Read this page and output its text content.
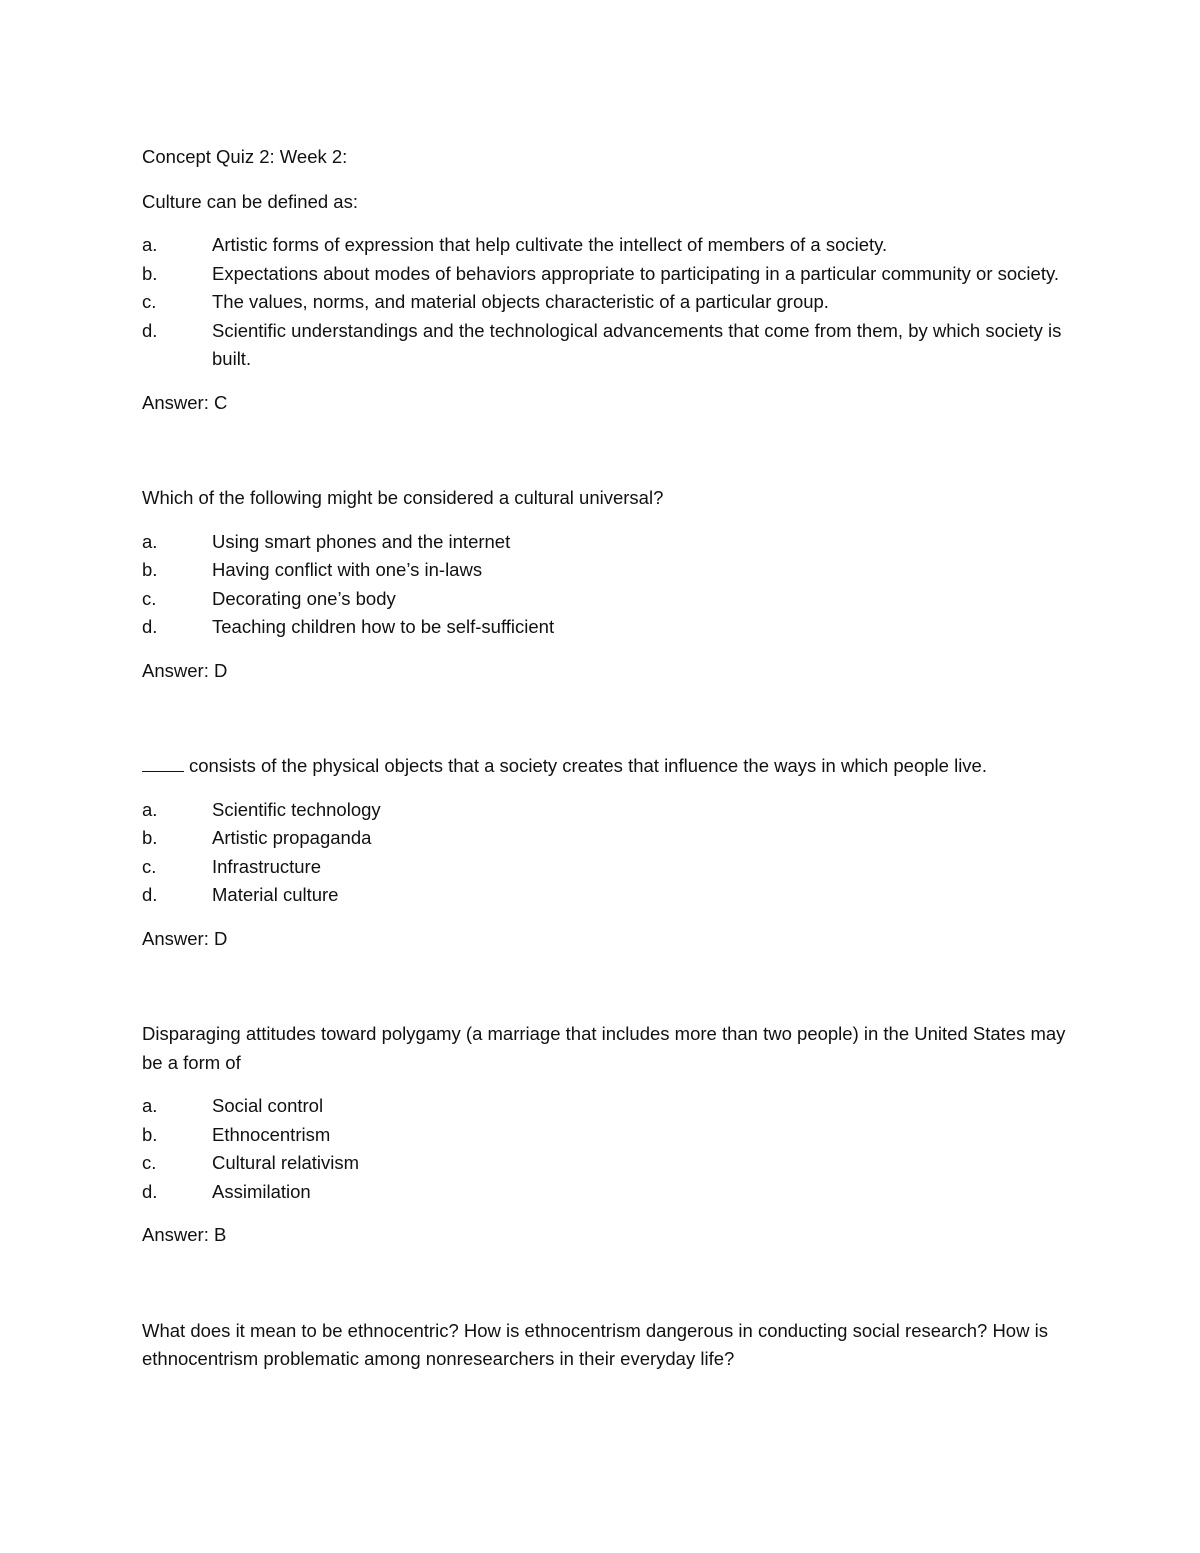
Concept Quiz 2: Week 2:

Culture can be defined as:

a.	Artistic forms of expression that help cultivate the intellect of members of a society.
b.	Expectations about modes of behaviors appropriate to participating in a particular community or society.
c.	The values, norms, and material objects characteristic of a particular group.
d.	Scientific understandings and the technological advancements that come from them, by which society is built.

Answer: C

Which of the following might be considered a cultural universal?

a.	Using smart phones and the internet
b.	Having conflict with one’s in-laws
c.	Decorating one’s body
d.	Teaching children how to be self-sufficient

Answer: D

consists of the physical objects that a society creates that influence the ways in which people live.

a.	Scientific technology
b.	Artistic propaganda
c.	Infrastructure
d.	Material culture

Answer: D

Disparaging attitudes toward polygamy (a marriage that includes more than two people) in the United States may be a form of

a.	Social control
b.	Ethnocentrism
c.	Cultural relativism
d.	Assimilation

Answer: B

What does it mean to be ethnocentric? How is ethnocentrism dangerous in conducting social research? How is ethnocentrism problematic among nonresearchers in their everyday life?
